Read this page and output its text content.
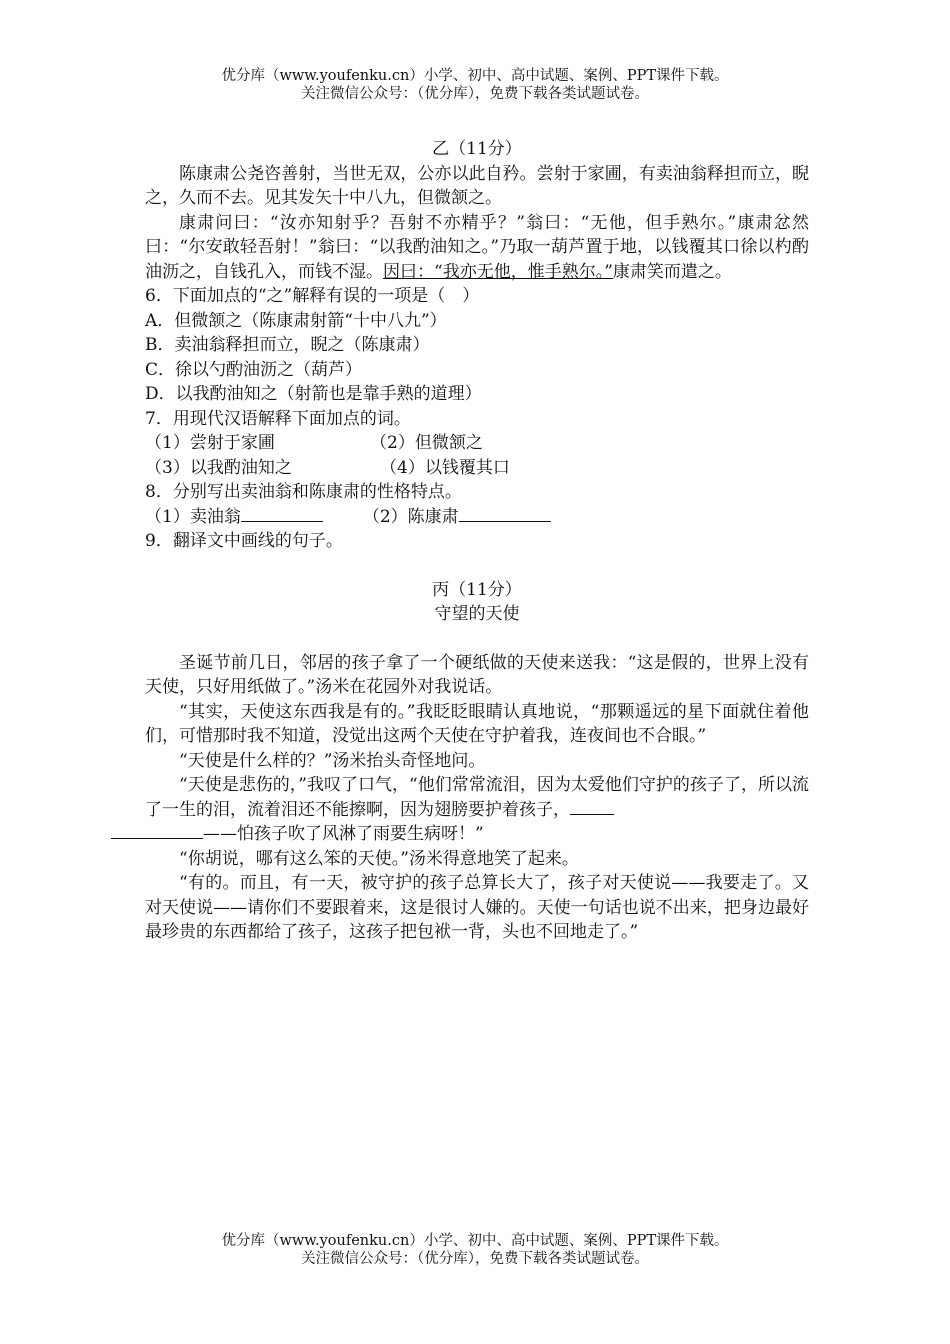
优分库（www.youfenku.cn）小学、初中、高中试题、案例、PPT课件下载。
关注微信公众号：（优分库），免费下载各类试题试卷。
乙（11分）

陈康肃公尧咨善射，当世无双，公亦以此自矜。尝射于家圃，有卖油翁释担而立，睨之，久而不去。见其发矢十中八九，但微颔之。

康肃问曰：“汝亦知射乎？吾射不亦精乎？”翁曰：“无他，但手熟尔。”康肃忿然曰：“尔安敢轻吾射！”翁曰：“以我酌油知之。”乃取一葫芦置于地，以钱覆其口徐以杓酌油沥之，自钱孔入，而钱不湿。因曰：“我亦无他，惟手熟尔。”康肃笑而遣之。

6．下面加点的“之”解释有误的一项是（　）
A．但微颔之（陈康肃射箭“十中八九”）
B．卖油翁释担而立，睨之（陈康肃）
C．徐以勺酌油沥之（葫芦）
D．以我酌油知之（射箭也是靠手熟的道理）
7．用现代汉语解释下面加点的词。
（1）尝射于家圃	（2）但微颔之
（3）以我酌油知之	（4）以钱覆其口
8．分别写出卖油翁和陈康肃的性格特点。
（1）卖油翁	（2）陈康肃
9．翻译文中画线的句子。
丙（11分）
守望的天使

圣诞节前几日，邻居的孩子拿了一个硬纸做的天使来送我：“这是假的，世界上没有天使，只好用纸做了。”汤米在花园外对我说话。

“其实，天使这东西我是有的。”我眨眨眼睛认真地说，“那颗遥远的星下面就住着他们，可惜那时我不知道，没觉出这两个天使在守护着我，连夜间也不合眼。”

“天使是什么样的？”汤米抬头奇怪地问。

“天使是悲伤的，”我叹了口气，“他们常常流泪，因为太爱他们守护的孩子了，所以流了一生的泪，流着泪还不能擦啊，因为翅膀要护着孩子，
——怕孩子吹了风淋了雨要生病呀！”

“你胡说，哪有这么笨的天使。”汤米得意地笑了起来。

“有的。而且，有一天，被守护的孩子总算长大了，孩子对天使说——我要走了。又对天使说——请你们不要跟着来，这是很讨人嫌的。天使一句话也说不出来，把身边最好最珍贵的东西都给了孩子，这孩子把包袱一背，头也不回地走了。”

优分库（www.youfenku.cn）小学、初中、高中试题、案例、PPT课件下载。
关注微信公众号：（优分库），免费下载各类试题试卷。
